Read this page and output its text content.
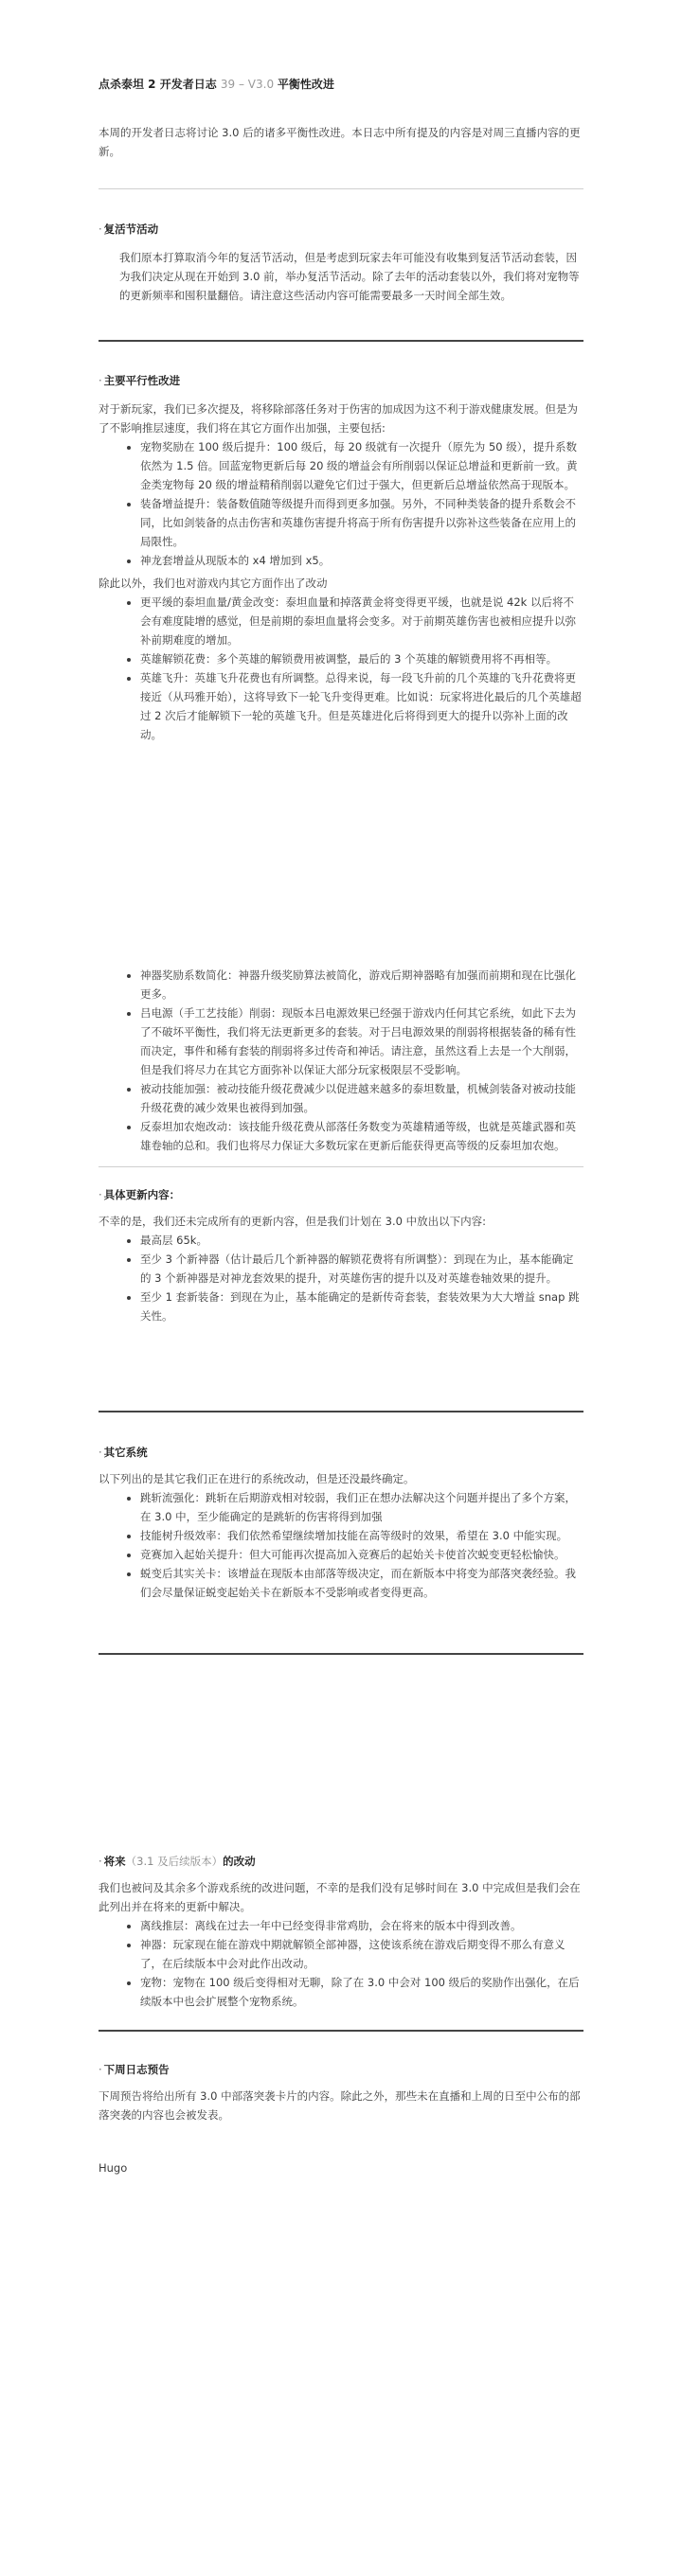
点杀泰坦 2 开发者日志 39 – V3.0 平衡性改进

本周的开发者日志将讨论 3.0 后的诸多平衡性改进。本日志中所有提及的内容是对周三直播内容的更新。

· 复活节活动

我们原本打算取消今年的复活节活动，但是考虑到玩家去年可能没有收集到复活节活动套装，因为我们决定从现在开始到 3.0 前，举办复活节活动。除了去年的活动套装以外，我们将对宠物等的更新频率和囤积量翻倍。请注意这些活动内容可能需要最多一天时间全部生效。

· 主要平行性改进

对于新玩家，我们已多次提及，将移除部落任务对于伤害的加成因为这不利于游戏健康发展。但是为了不影响推层速度，我们将在其它方面作出加强，主要包括:

• 宠物奖励在 100 级后提升：100 级后，每 20 级就有一次提升（原先为 50 级），提升系数依然为 1.5 倍。回蓝宠物更新后每 20 级的增益会有所削弱以保证总增益和更新前一致。黄金类宠物每 20 级的增益精稍削弱以避免它们过于强大，但更新后总增益依然高于现版本。
• 装备增益提升：装备数值随等级提升而得到更多加强。另外，不同种类装备的提升系数会不同，比如剑装备的点击伤害和英雄伤害提升将高于所有伤害提升以弥补这些装备在应用上的局限性。
• 神龙套增益从现版本的 x4 增加到 x5。

除此以外，我们也对游戏内其它方面作出了改动

• 更平缓的泰坦血量/黄金改变：泰坦血量和掉落黄金将变得更平缓，也就是说 42k 以后将不会有难度陡增的感觉，但是前期的泰坦血量将会变多。对于前期英雄伤害也被相应提升以弥补前期难度的增加。
• 英雄解锁花费：多个英雄的解锁费用被调整，最后的 3 个英雄的解锁费用将不再相等。
• 英雄飞升：英雄飞升花费也有所调整。总得来说，每一段飞升前的几个英雄的飞升花费将更接近（从玛雅开始），这将导致下一轮飞升变得更难。比如说：玩家将进化最后的几个英雄超过 2 次后才能解锁下一轮的英雄飞升。但是英雄进化后将得到更大的提升以弥补上面的改动。
• 神器奖励系数简化：神器升级奖励算法被简化，游戏后期神器略有加强而前期和现在比强化更多。
• 吕电源（手工艺技能）削弱：现版本吕电源效果已经强于游戏内任何其它系统，如此下去为了不破坏平衡性，我们将无法更新更多的套装。对于吕电源效果的削弱将根据装备的稀有性而决定，事件和稀有套装的削弱将多过传奇和神话。请注意，虽然这看上去是一个大削弱，但是我们将尽力在其它方面弥补以保证大部分玩家极限层不受影响。
• 被动技能加强：被动技能升级花费减少以促进越来越多的泰坦数量，机械剑装备对被动技能升级花费的减少效果也被得到加强。
• 反泰坦加农炮改动：该技能升级花费从部落任务数变为英雄精通等级，也就是英雄武器和英雄卷轴的总和。我们也将尽力保证大多数玩家在更新后能获得更高等级的反泰坦加农炮。
· 具体更新内容：

不幸的是，我们还未完成所有的更新内容，但是我们计划在 3.0 中放出以下内容:

• 最高层 65k。
• 至少 3 个新神器（估计最后几个新神器的解锁花费将有所调整）：到现在为止，基本能确定的 3 个新神器是对神龙套效果的提升，对英雄伤害的提升以及对英雄卷轴效果的提升。
• 至少 1 套新装备：到现在为止，基本能确定的是新传奇套装，套装效果为大大增益 snap 跳关性。
· 其它系统

以下列出的是其它我们正在进行的系统改动，但是还没最终确定。

• 跳斩流强化：跳斩在后期游戏相对较弱，我们正在想办法解决这个问题并提出了多个方案，在 3.0 中，至少能确定的是跳斩的伤害将得到加强
• 技能树升级效率：我们依然希望继续增加技能在高等级时的效果，希望在 3.0 中能实现。
• 竞赛加入起始关提升：但大可能再次提高加入竞赛后的起始关卡使首次蜕变更轻松愉快。
• 蜕变后其实关卡：该增益在现版本由部落等级决定，而在新版本中将变为部落突袭经验。我们会尽量保证蜕变起始关卡在新版本不受影响或者变得更高。
· 将来（3.1 及后续版本）的改动

我们也被问及其余多个游戏系统的改进问题，不幸的是我们没有足够时间在 3.0 中完成但是我们会在此列出并在将来的更新中解决。

• 离线推层：离线在过去一年中已经变得非常鸡肋，会在将来的版本中得到改善。
• 神器：玩家现在能在游戏中期就解锁全部神器，这使该系统在游戏后期变得不那么有意义了，在后续版本中会对此作出改动。
• 宠物：宠物在 100 级后变得相对无聊，除了在 3.0 中会对 100 级后的奖励作出强化，在后续版本中也会扩展整个宠物系统。
· 下周日志预告

下周预告将给出所有 3.0 中部落突袭卡片的内容。除此之外，那些未在直播和上周的日至中公布的部落突袭的内容也会被发表。

Hugo
